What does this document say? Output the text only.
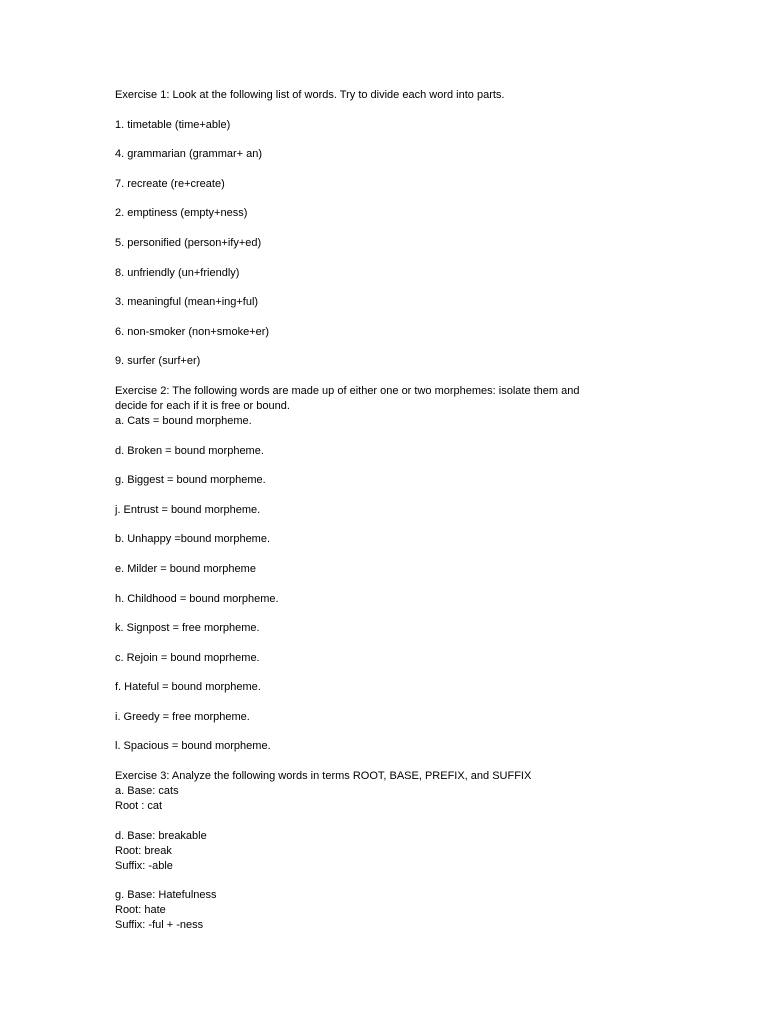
Exercise 1: Look at the following list of words. Try to divide each word into parts.

1. timetable (time+able)

4. grammarian (grammar+ an)

7. recreate (re+create)

2. emptiness (empty+ness)

5. personified (person+ify+ed)

8. unfriendly (un+friendly)

3. meaningful (mean+ing+ful)

6. non-smoker (non+smoke+er)

9. surfer (surf+er)

Exercise 2: The following words are made up of either one or two morphemes: isolate them and

decide for each if it is free or bound.

a. Cats = bound morpheme.

d. Broken = bound morpheme.

g. Biggest = bound morpheme.

j. Entrust = bound morpheme.

b. Unhappy =bound morpheme.

e. Milder = bound morpheme

h. Childhood = bound morpheme.

k. Signpost = free morpheme.

c. Rejoin = bound moprheme.

f. Hateful = bound morpheme.

i. Greedy = free morpheme.

l. Spacious = bound morpheme.

Exercise 3: Analyze the following words in terms ROOT, BASE, PREFIX, and SUFFIX

a. Base: cats

Root : cat

d. Base: breakable

Root: break

Suffix: -able

g. Base: Hatefulness

Root: hate

Suffix: -ful + -ness
